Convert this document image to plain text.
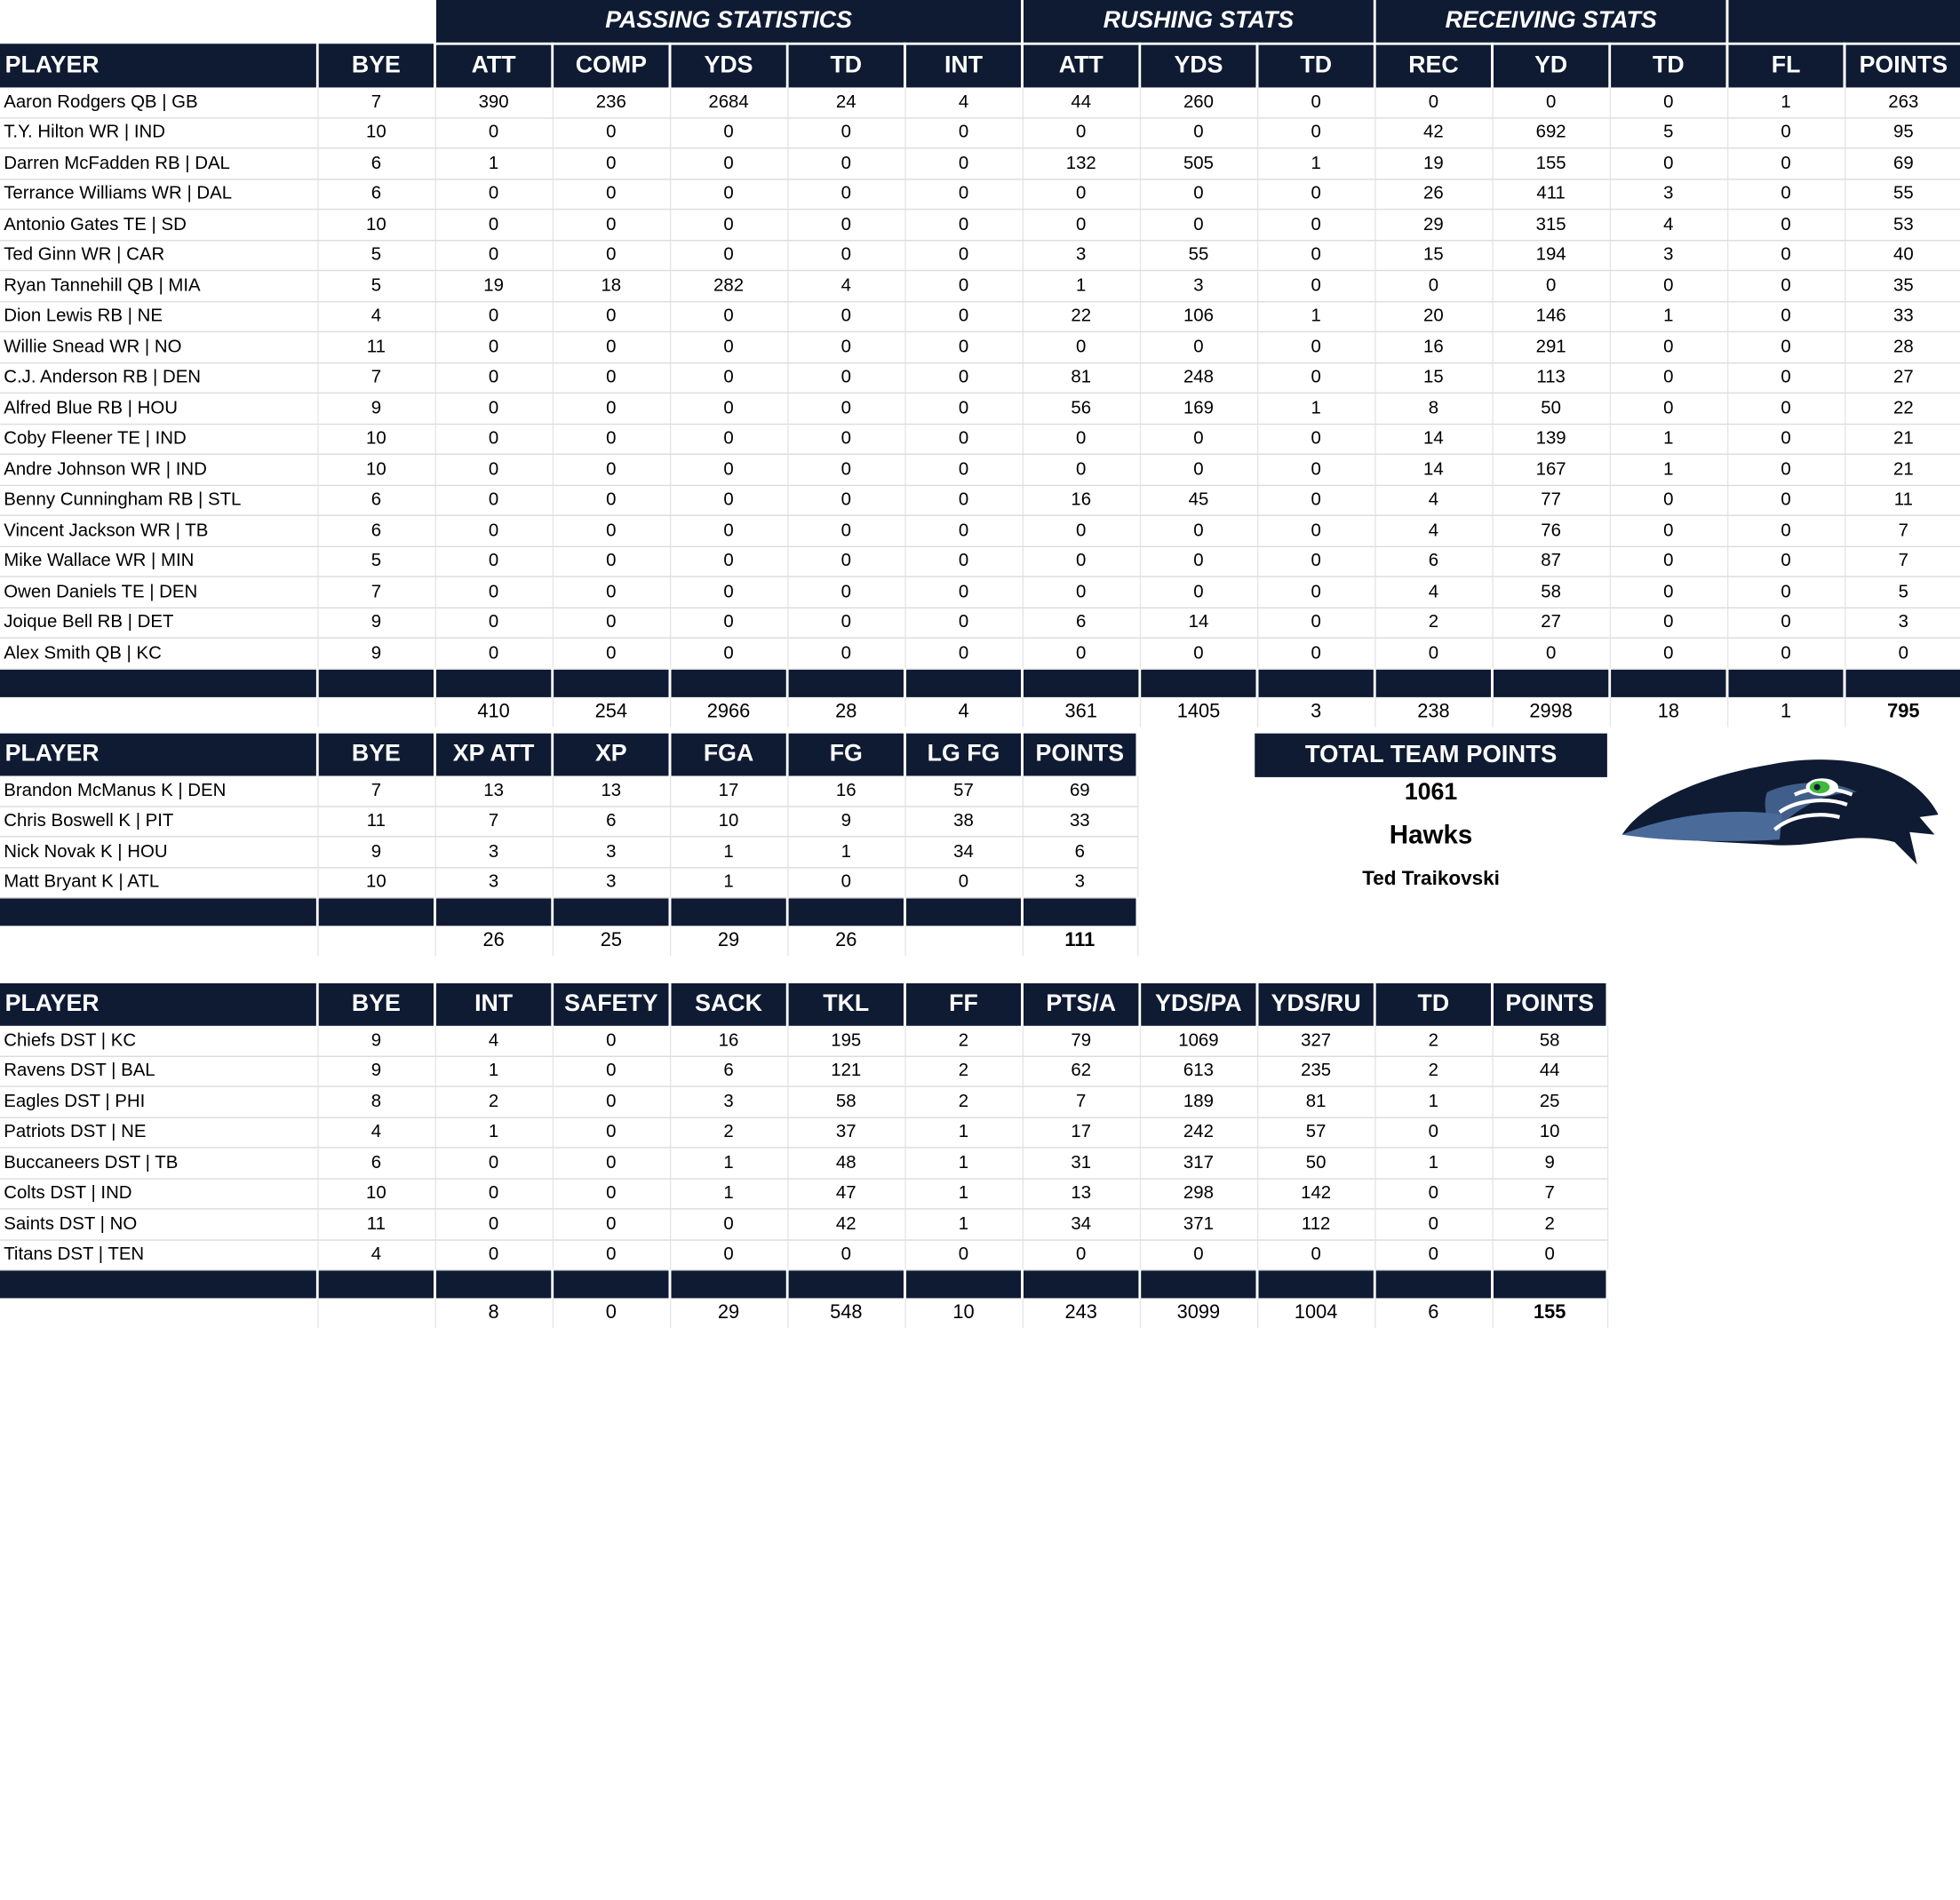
		PASSING STATISTICS					RUSHING STATS			RECEIVING STATS				
PLAYER	BYE	ATT	COMP	YDS	TD	INT	ATT	YDS	TD	REC	YD	TD	FL	POINTS
Aaron Rodgers QB | GB	7	390	236	2684	24	4	44	260	0	0	0	0	1	263
T.Y. Hilton WR | IND	10	0	0	0	0	0	0	0	0	42	692	5	0	95
Darren McFadden RB | DAL	6	1	0	0	0	0	132	505	1	19	155	0	0	69
Terrance Williams WR | DAL	6	0	0	0	0	0	0	0	0	26	411	3	0	55
Antonio Gates TE | SD	10	0	0	0	0	0	0	0	0	29	315	4	0	53
Ted Ginn WR | CAR	5	0	0	0	0	0	3	55	0	15	194	3	0	40
Ryan Tannehill QB | MIA	5	19	18	282	4	0	1	3	0	0	0	0	0	35
Dion Lewis RB | NE	4	0	0	0	0	0	22	106	1	20	146	1	0	33
Willie Snead WR | NO	11	0	0	0	0	0	0	0	0	16	291	0	0	28
C.J. Anderson RB | DEN	7	0	0	0	0	0	81	248	0	15	113	0	0	27
Alfred Blue RB | HOU	9	0	0	0	0	0	56	169	1	8	50	0	0	22
Coby Fleener TE | IND	10	0	0	0	0	0	0	0	0	14	139	1	0	21
Andre Johnson WR | IND	10	0	0	0	0	0	0	0	0	14	167	1	0	21
Benny Cunningham RB | STL	6	0	0	0	0	0	16	45	0	4	77	0	0	11
Vincent Jackson WR | TB	6	0	0	0	0	0	0	0	0	4	76	0	0	7
Mike Wallace WR | MIN	5	0	0	0	0	0	0	0	0	6	87	0	0	7
Owen Daniels TE | DEN	7	0	0	0	0	0	0	0	0	4	58	0	0	5
Joique Bell RB | DET	9	0	0	0	0	0	6	14	0	2	27	0	0	3
Alex Smith QB | KC	9	0	0	0	0	0	0	0	0	0	0	0	0	0

		410	254	2966	28	4	361	1405	3	238	2998	18	1	795
PLAYER	BYE	XP ATT	XP	FGA	FG	LG FG	POINTS
Brandon McManus K | DEN	7	13	13	17	16	57	69
Chris Boswell K | PIT	11	7	6	10	9	38	33
Nick Novak K | HOU	9	3	3	1	1	34	6
Matt Bryant K | ATL	10	3	3	1	0	0	3

		26	25	29	26		111
PLAYER	BYE	INT	SAFETY	SACK	TKL	FF	PTS/A	YDS/PA	YDS/RU	TD	POINTS
Chiefs DST | KC	9	4	0	16	195	2	79	1069	327	2	58
Ravens DST | BAL	9	1	0	6	121	2	62	613	235	2	44
Eagles DST | PHI	8	2	0	3	58	2	7	189	81	1	25
Patriots DST | NE	4	1	0	2	37	1	17	242	57	0	10
Buccaneers DST | TB	6	0	0	1	48	1	31	317	50	1	9
Colts DST | IND	10	0	0	1	47	1	13	298	142	0	7
Saints DST | NO	11	0	0	0	42	1	34	371	112	0	2
Titans DST | TEN	4	0	0	0	0	0	0	0	0	0	0

		8	0	29	548	10	243	3099	1004	6	155
TOTAL TEAM POINTS
1061
Hawks
Ted Traikovski
